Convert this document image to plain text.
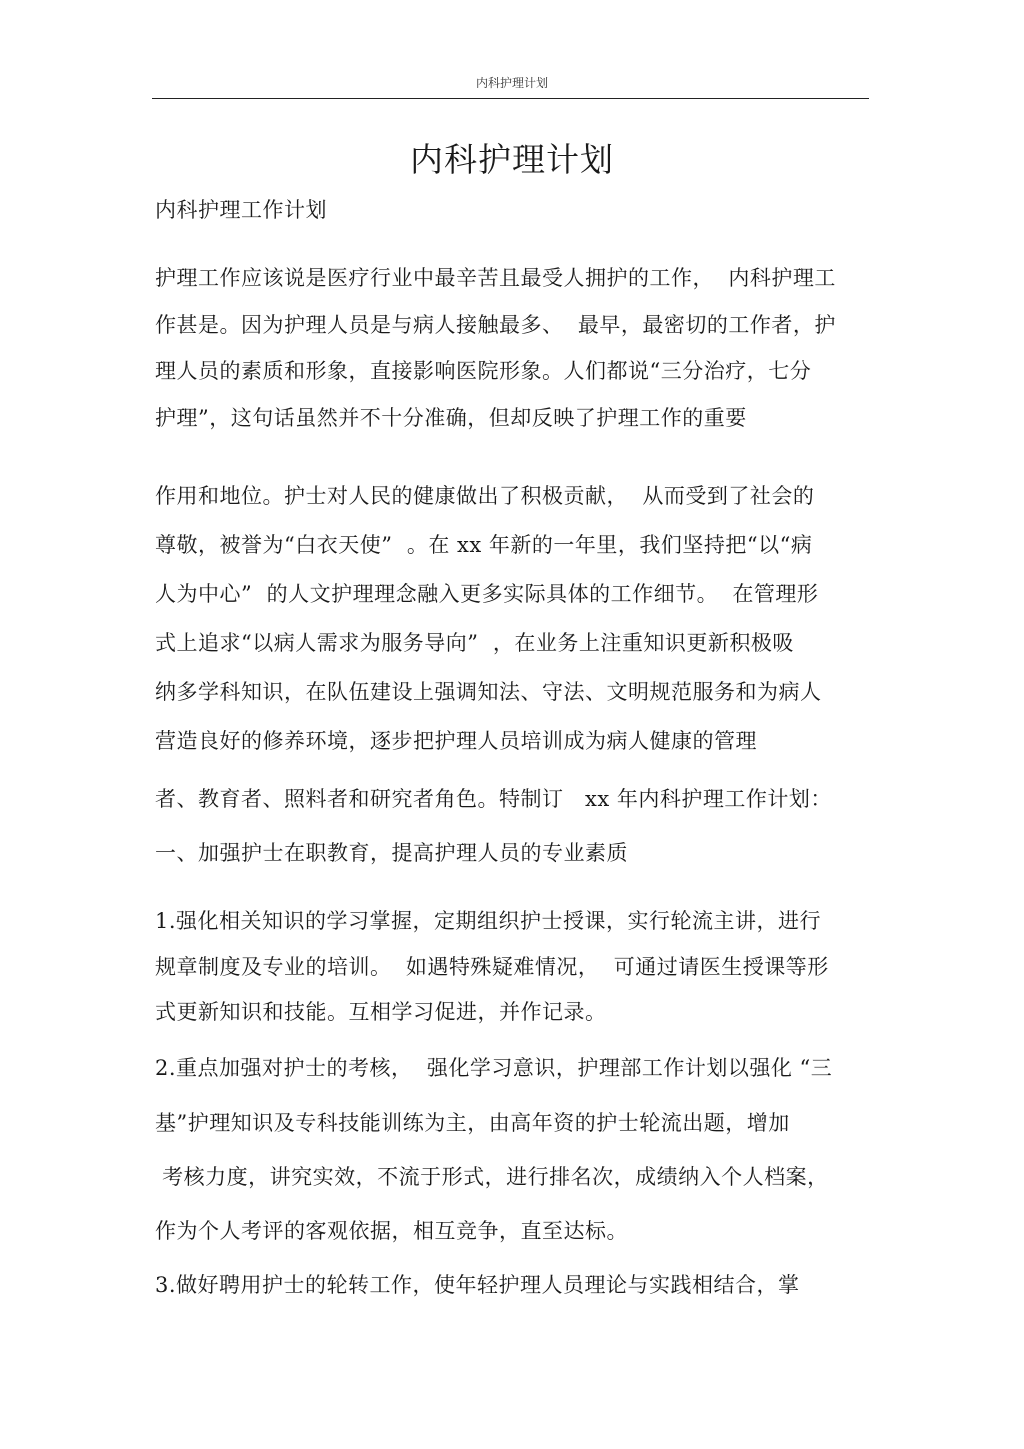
内科护理计划
内科护理计划
内科护理工作计划
护理工作应该说是医疗行业中最辛苦且最受人拥护的工作，  内科护理工
作甚是。因为护理人员是与病人接触最多、  最早，最密切的工作者，护
理人员的素质和形象，直接影响医院形象。人们都说“三分治疗，七分
护理”，这句话虽然并不十分准确，但却反映了护理工作的重要
作用和地位。护士对人民的健康做出了积极贡献，  从而受到了社会的
尊敬，被誉为“白衣天使”  。在 xx 年新的一年里，我们坚持把“以“病
人为中心”  的人文护理理念融入更多实际具体的工作细节。  在管理形
式上追求“以病人需求为服务导向”  ，在业务上注重知识更新积极吸
纳多学科知识，在队伍建设上强调知法、守法、文明规范服务和为病人
营造良好的修养环境，逐步把护理人员培训成为病人健康的管理
者、教育者、照料者和研究者角色。特制订   xx 年内科护理工作计划：
一、加强护士在职教育，提高护理人员的专业素质
1.强化相关知识的学习掌握，定期组织护士授课，实行轮流主讲，进行
规章制度及专业的培训。  如遇特殊疑难情况，  可通过请医生授课等形
式更新知识和技能。互相学习促进，并作记录。
2.重点加强对护士的考核，  强化学习意识，护理部工作计划以强化 “三
基”护理知识及专科技能训练为主，由高年资的护士轮流出题，增加
考核力度，讲究实效，不流于形式，进行排名次，成绩纳入个人档案，
作为个人考评的客观依据，相互竞争，直至达标。
3.做好聘用护士的轮转工作，使年轻护理人员理论与实践相结合，掌
